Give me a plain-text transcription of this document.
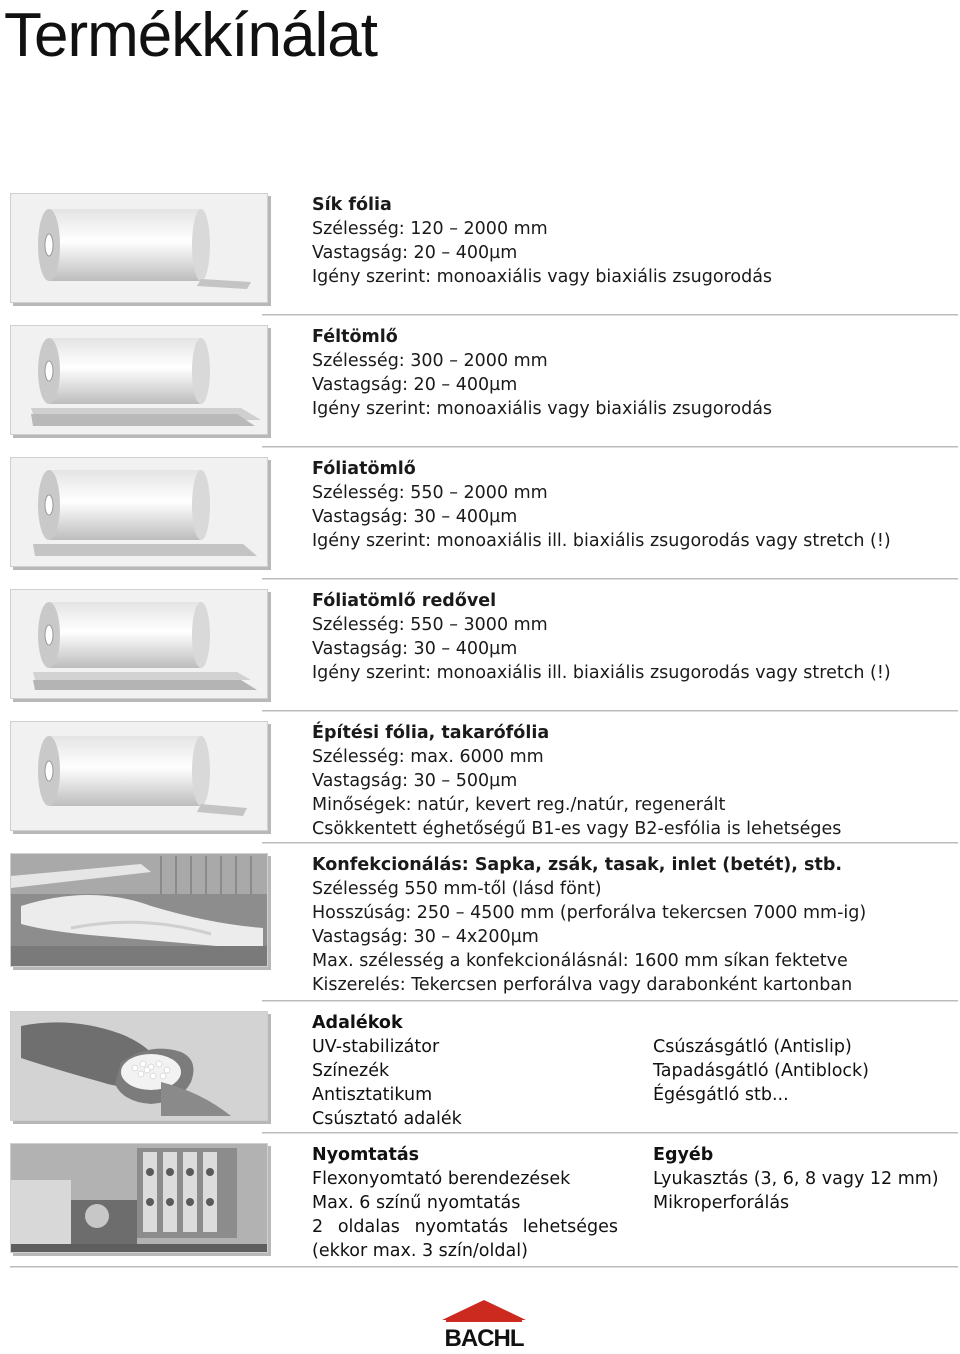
Termékkínálat
Sík fólia
Szélesség: 120 – 2000 mm
Vastagság: 20 – 400µm
Igény szerint: monoaxiális vagy biaxiális zsugorodás
Féltömlő
Szélesség: 300 – 2000 mm
Vastagság: 20 – 400µm
Igény szerint: monoaxiális vagy biaxiális zsugorodás
Fóliatömlő
Szélesség: 550 – 2000 mm
Vastagság: 30 – 400µm
Igény szerint: monoaxiális ill. biaxiális zsugorodás vagy stretch (!)
Fóliatömlő redővel
Szélesség: 550 – 3000 mm
Vastagság: 30 – 400µm
Igény szerint: monoaxiális ill. biaxiális zsugorodás vagy stretch (!)
Építési fólia, takarófólia
Szélesség: max. 6000 mm
Vastagság: 30 – 500µm
Minőségek: natúr, kevert reg./natúr, regenerált
Csökkentett éghetőségű B1-es vagy B2-esfólia is lehetséges
Konfekcionálás: Sapka, zsák, tasak, inlet (betét), stb.
Szélesség 550 mm-től (lásd fönt)
Hosszúság: 250 – 4500 mm (perforálva tekercsen 7000 mm-ig)
Vastagság: 30 – 4x200µm
Max. szélesség a konfekcionálásnál: 1600 mm síkan fektetve
Kiszerelés: Tekercsen perforálva vagy darabonként kartonban
Adalékok
UV-stabilizátor
Színezék
Antisztatikum
Csúsztató adalék
Csúszásgátló (Antislip)
Tapadásgátló (Antiblock)
Égésgátló stb...
Nyomtatás
Flexonyomtató berendezések
Max. 6 színű nyomtatás
2 oldalas nyomtatás lehetséges
(ekkor max. 3 szín/oldal)
Egyéb
Lyukasztás (3, 6, 8 vagy 12 mm)
Mikroperforálás
BACHL
